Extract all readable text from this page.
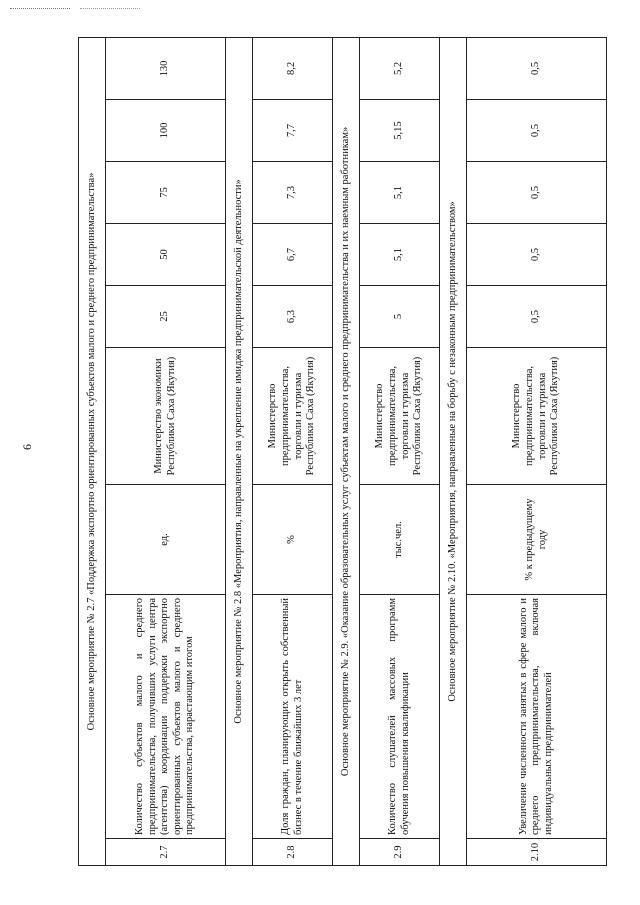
6	Основное мероприятие № 2.7 «Поддержка экспортно ориентированных субъектов малого и среднего предпринимательства»								
2.7	Количество субъектов малого и среднего предпринимательства, получивших услуги центра (агентства) координации поддержки экспортно ориентированных субъектов малого и среднего предпринимательства, нарастающим итогом	ед.	Министерство экономики Республики Саха (Якутия)	25	50	75	100	130
Основное мероприятие № 2.8 «Мероприятия, направленные на укрепление имиджа предпринимательской деятельности»								
2.8	Доля граждан, планирующих открыть собственный бизнес в течение ближайших 3 лет	%	Министерство предпринимательства, торговли и туризма Республики Саха (Якутия)	6,3	6,7	7,3	7,7	8,2
Основное мероприятие № 2.9. «Оказание образовательных услуг субъектам малого и среднего предпринимательства и их наемным работникам»								
2.9	Количество слушателей массовых программ обучения повышения квалификации	тыс.чел.	Министерство предпринимательства, торговли и туризма Республики Саха (Якутия)	5	5,1	5,1	5,15	5,2
Основное мероприятие № 2.10. «Мероприятия, направленные на борьбу с незаконным предпринимательством»								
2.10	Увеличение численности занятых в сфере малого и среднего предпринимательства, включая индивидуальных предпринимателей	% к предыдущему году	Министерство предпринимательства, торговли и туризма Республики Саха (Якутия)	0,5	0,5	0,5	0,5	0,5
